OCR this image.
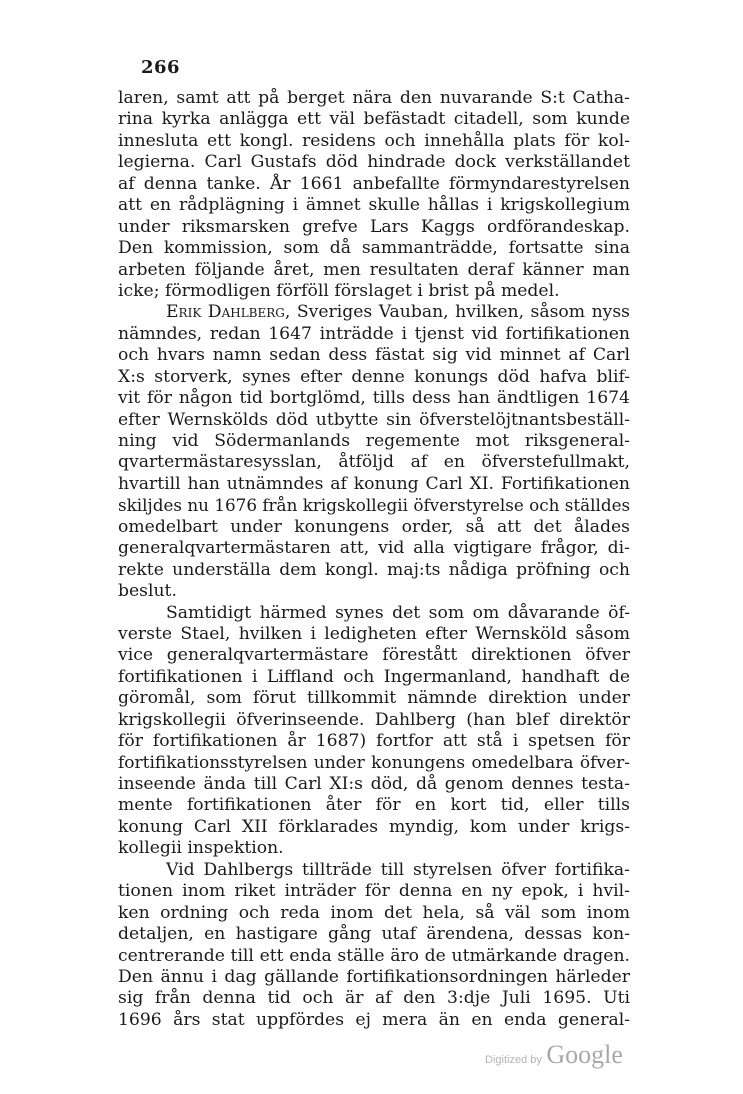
266
laren, samt att på berget nära den nuvarande S:t Catha-
rina kyrka anlägga ett väl befästadt citadell, som kunde
innesluta ett kongl. residens och innehålla plats för kol-
legierna. Carl Gustafs död hindrade dock verkställandet
af denna tanke. År 1661 anbefallte förmyndarestyrelsen
att en rådplägning i ämnet skulle hållas i krigskollegium
under riksmarsken grefve Lars Kaggs ordförandeskap.
Den kommission, som då sammanträdde, fortsatte sina
arbeten följande året, men resultaten deraf känner man
icke; förmodligen förföll förslaget i brist på medel.
Erik Dahlberg, Sveriges Vauban, hvilken, såsom nyss
nämndes, redan 1647 inträdde i tjenst vid fortifikationen
och hvars namn sedan dess fästat sig vid minnet af Carl
X:s storverk, synes efter denne konungs död hafva blif-
vit för någon tid bortglömd, tills dess han ändtligen 1674
efter Wernskölds död utbytte sin öfverstelöjtnantsbeställ-
ning vid Södermanlands regemente mot riksgeneral-
qvartermästaresysslan, åtföljd af en öfverstefullmakt,
hvartill han utnämndes af konung Carl XI. Fortifikationen
skiljdes nu 1676 från krigskollegii öfverstyrelse och ställdes
omedelbart under konungens order, så att det ålades
generalqvartermästaren att, vid alla vigtigare frågor, di-
rekte underställa dem kongl. maj:ts nådiga pröfning och
beslut.
Samtidigt härmed synes det som om dåvarande öf-
verste Stael, hvilken i ledigheten efter Wernsköld såsom
vice generalqvartermästare förestått direktionen öfver
fortifikationen i Liffland och Ingermanland, handhaft de
göromål, som förut tillkommit nämnde direktion under
krigskollegii öfverinseende. Dahlberg (han blef direktör
för fortifikationen år 1687) fortfor att stå i spetsen för
fortifikationsstyrelsen under konungens omedelbara öfver-
inseende ända till Carl XI:s död, då genom dennes testa-
mente fortifikationen åter för en kort tid, eller tills
konung Carl XII förklarades myndig, kom under krigs-
kollegii inspektion.
Vid Dahlbergs tillträde till styrelsen öfver fortifika-
tionen inom riket inträder för denna en ny epok, i hvil-
ken ordning och reda inom det hela, så väl som inom
detaljen, en hastigare gång utaf ärendena, dessas kon-
centrerande till ett enda ställe äro de utmärkande dragen.
Den ännu i dag gällande fortifikationsordningen härleder
sig från denna tid och är af den 3:dje Juli 1695. Uti
1696 års stat uppfördes ej mera än en enda general-
Digitized by Google
